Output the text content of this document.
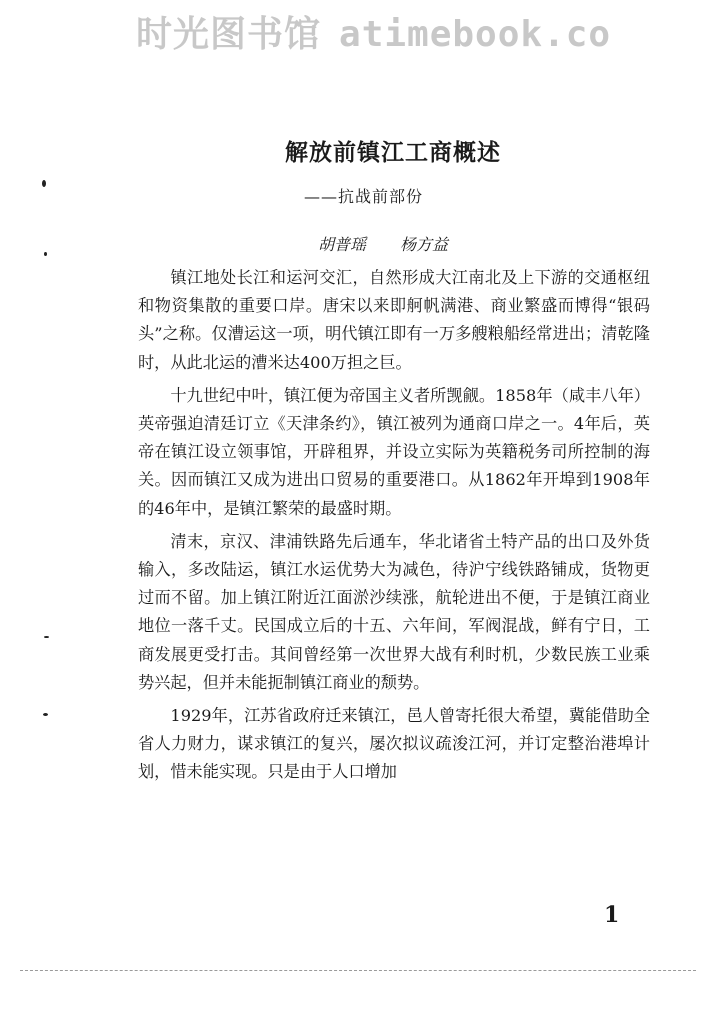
时光图书馆 atimebook.co
解放前镇江工商概述
——抗战前部份
胡普瑶 杨方益

镇江地处长江和运河交汇，自然形成大江南北及上下游的交通枢纽和物资集散的重要口岸。唐宋以来即舸帆满港、商业繁盛而博得“银码头”之称。仅漕运这一项，明代镇江即有一万多艘粮船经常进出；清乾隆时，从此北运的漕米达400万担之巨。

十九世纪中叶，镇江便为帝国主义者所觊觎。1858年（咸丰八年）英帝强迫清廷订立《天津条约》，镇江被列为通商口岸之一。4年后，英帝在镇江设立领事馆，开辟租界，并设立实际为英籍税务司所控制的海关。因而镇江又成为进出口贸易的重要港口。从1862年开埠到1908年的46年中，是镇江繁荣的最盛时期。

清末，京汉、津浦铁路先后通车，华北诸省土特产品的出口及外货输入，多改陆运，镇江水运优势大为减色，待沪宁线铁路铺成，货物更过而不留。加上镇江附近江面淤沙续涨，航轮进出不便，于是镇江商业地位一落千丈。民国成立后的十五、六年间，军阀混战，鲜有宁日，工商发展更受打击。其间曾经第一次世界大战有利时机，少数民族工业乘势兴起，但并未能扼制镇江商业的颓势。

1929年，江苏省政府迁来镇江，邑人曾寄托很大希望，冀能借助全省人力财力，谋求镇江的复兴，屡次拟议疏浚江河，并订定整治港埠计划，惜未能实现。只是由于人口增加

1
